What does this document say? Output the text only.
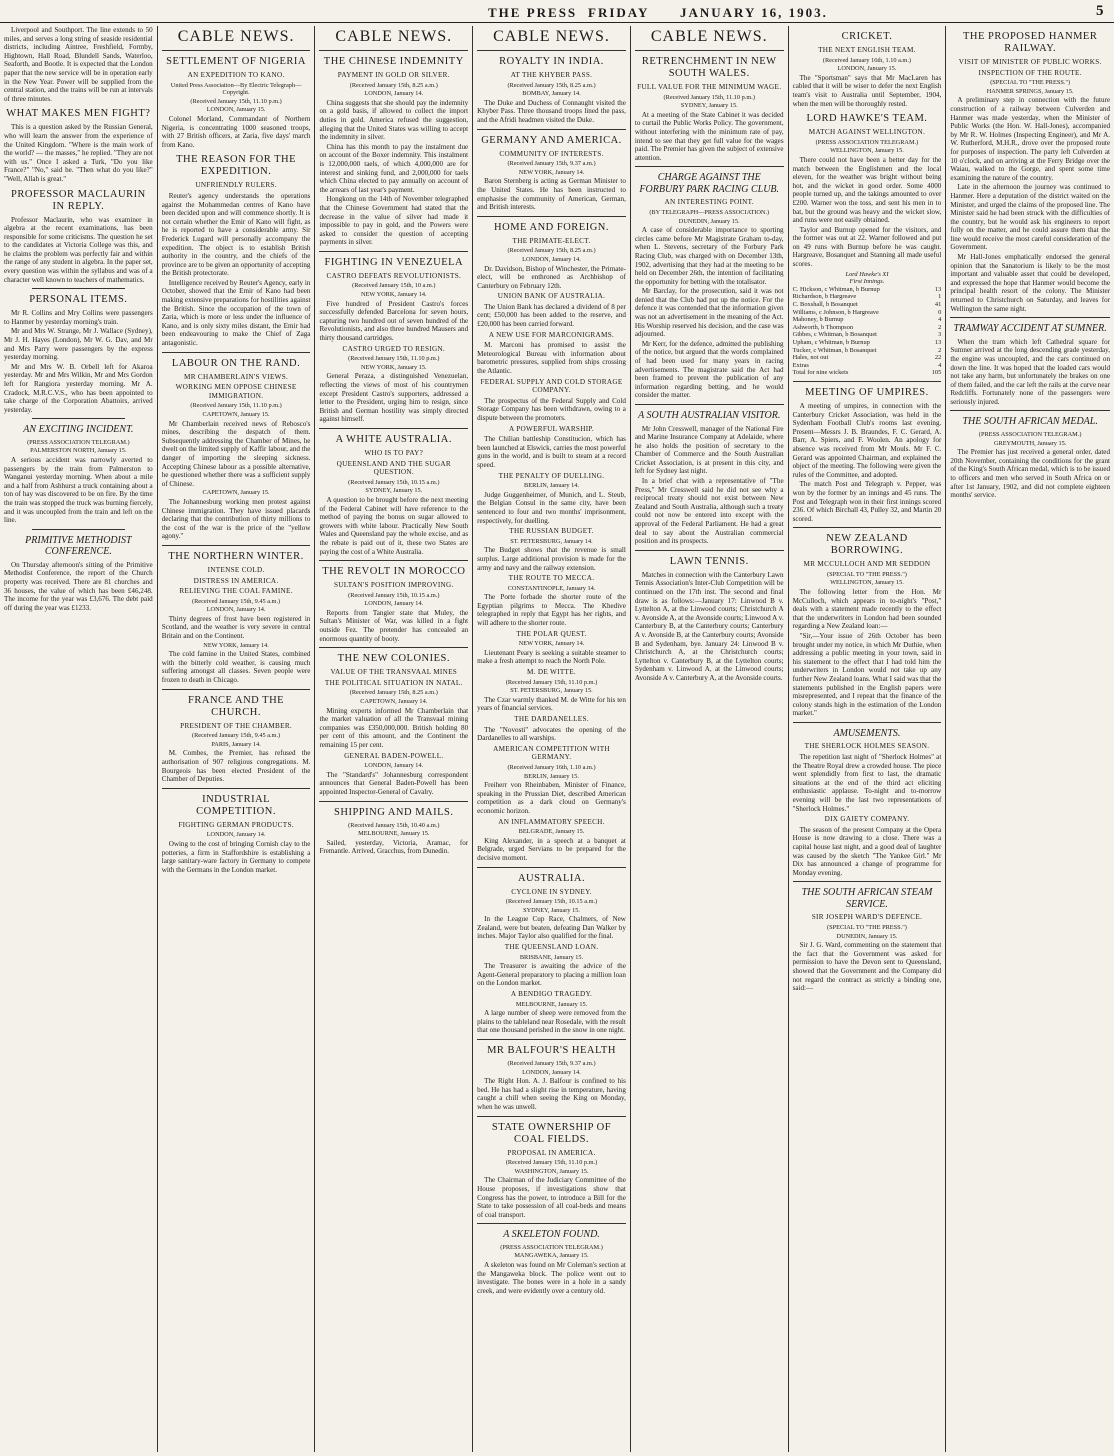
THE PRESS FRIDAY JANUARY 16, 1903.	5

Liverpool and Southport. The line extends to 50 miles, and serves a long string of seaside residential districts, including Aintree, Freshfield, Formby, Hightown, Hall Road, Blundell Sands, Waterloo, Seaforth, and Bootle. It is expected that the London paper that the new service will be in operation early in the New Year. Power will be supplied from the central station, and the trains will be run at intervals of three minutes.

WHAT MAKES MEN FIGHT?

This is a question asked by the Russian General, who will learn the answer from the experience of the United Kingdom. "Where is the main work of the world? — the masses," he replied. "They are not with us." Once I asked a Turk, "Do you like France?" "No," said he. "Then what do you like?" "Well, Allah is great."

PROFESSOR MACLAURIN IN REPLY.

Professor Maclaurin, who was examiner in algebra at the recent examinations, has been responsible for some criticisms. The question he set to the candidates at Victoria College was this, and he claims the problem was perfectly fair and within the range of any student in algebra. In the paper set, every question was within the syllabus and was of a character well known to teachers of mathematics.

PERSONAL ITEMS.

Mr R. Collins and Mry Collins were passengers to Hanmer by yesterday morning's train.

Mr and Mrs W. Strange, Mr J. Wallace (Sydney), Mr J. H. Hayes (London), Mr W. G. Dav, and Mr and Mrs Parry were passengers by the express yesterday morning.

Mr and Mrs W. B. Orbell left for Akaroa yesterday. Mr and Mrs Wilkin, Mr and Mrs Gordon left for Rangiora yesterday morning. Mr A. Cradock, M.R.C.V.S., who has been appointed to take charge of the Corporation Abattoirs, arrived yesterday.

AN EXCITING INCIDENT.

(PRESS ASSOCIATION TELEGRAM.)

PALMERSTON NORTH, January 15.

A serious accident was narrowly averted to passengers by the train from Palmerston to Wanganui yesterday morning. When about a mile and a half from Ashhurst a truck containing about a ton of hay was discovered to be on fire. By the time the train was stopped the truck was burning fiercely, and it was uncoupled from the train and left on the line.

PRIMITIVE METHODIST CONFERENCE.

On Thursday afternoon's sitting of the Primitive Methodist Conference, the report of the Church property was received. There are 81 churches and 36 houses, the value of which has been £46,248. The income for the year was £3,676. The debt paid off during the year was £1233.

CABLE NEWS.
SETTLEMENT OF NIGERIA
AN EXPEDITION TO KANO.

United Press Association—By Electric Telegraph—Copyright.

(Received January 15th, 11.10 p.m.)

LONDON, January 15.

Colonel Morland, Commandant of Northern Nigeria, is concentrating 1000 seasoned troops, with 27 British officers, at Zaria, five days' march from Kano.

THE REASON FOR THE EXPEDITION.
UNFRIENDLY RULERS.

Reuter's agency understands the operations against the Mohammedan centres of Kano have been decided upon and will commence shortly. It is not certain whether the Emir of Kano will fight, as he is reported to have a considerable army. Sir Frederick Lugard will personally accompany the expedition. The object is to establish British authority in the country, and the chiefs of the province are to be given an opportunity of accepting the British protectorate.

Intelligence received by Reuter's Agency, early in October, showed that the Emir of Kano had been making extensive preparations for hostilities against the British. Since the occupation of the town of Zaria, which is more or less under the influence of Kano, and is only sixty miles distant, the Emir had been endeavouring to make the Chief of Zaga antagonistic.

LABOUR ON THE RAND.
MR CHAMBERLAIN'S VIEWS.
WORKING MEN OPPOSE CHINESE IMMIGRATION.

(Received January 15th, 11.10 p.m.)

CAPETOWN, January 15.

Mr Chamberlain received news of Rebosco's mines, describing the despatch of them. Subsequently addressing the Chamber of Mines, he dwelt on the limited supply of Kaffir labour, and the danger of importing the sleeping sickness. Accepting Chinese labour as a possible alternative, he questioned whether there was a sufficient supply of Chinese.

CAPETOWN, January 15.

The Johannesburg working men protest against Chinese immigration. They have issued placards declaring that the contribution of thirty millions to the cost of the war is the price of the "yellow agony."

THE NORTHERN WINTER.
INTENSE COLD.
DISTRESS IN AMERICA.
RELIEVING THE COAL FAMINE.

(Received January 15th, 9.45 a.m.)

LONDON, January 14.

Thirty degrees of frost have been registered in Scotland, and the weather is very severe in central Britain and on the Continent.

NEW YORK, January 14.

The cold famine in the United States, combined with the bitterly cold weather, is causing much suffering amongst all classes. Seven people were frozen to death in Chicago.

FRANCE AND THE CHURCH.
PRESIDENT OF THE CHAMBER.

(Received January 15th, 9.45 a.m.)

PARIS, January 14.

M. Combes, the Premier, has refused the authorisation of 907 religious congregations. M. Bourgeois has been elected President of the Chamber of Deputies.

INDUSTRIAL COMPETITION.
FIGHTING GERMAN PRODUCTS.

LONDON, January 14.

Owing to the cost of bringing Cornish clay to the potteries, a firm in Staffordshire is establishing a large sanitary-ware factory in Germany to compete with the Germans in the London market.

CABLE NEWS.
THE CHINESE INDEMNITY
PAYMENT IN GOLD OR SILVER.

(Received January 15th, 8.25 a.m.)

LONDON, January 14.

China suggests that she should pay the indemnity on a gold basis, if allowed to collect the import duties in gold. America refused the suggestion, alleging that the United States was willing to accept the indemnity in silver.

China has this month to pay the instalment due on account of the Boxer indemnity. This instalment is 12,000,000 taels, of which 4,000,000 are for interest and sinking fund, and 2,000,000 for taels which China elected to pay annually on account of the arrears of last year's payment.

Hongkong on the 14th of November telegraphed that the Chinese Government had stated that the decrease in the value of silver had made it impossible to pay in gold, and the Powers were asked to consider the question of accepting payments in silver.

FIGHTING IN VENEZUELA
CASTRO DEFEATS REVOLUTIONISTS.

(Received January 15th, 10 a.m.)

NEW YORK, January 14.

Five hundred of President Castro's forces successfully defended Barcelona for seven hours, capturing two hundred out of seven hundred of the Revolutionists, and also three hundred Mausers and thirty thousand cartridges.

CASTRO URGED TO RESIGN.

(Received January 15th, 11.10 p.m.)

NEW YORK, January 15.

General Peraza, a distinguished Venezuelan, reflecting the views of most of his countrymen except President Castro's supporters, addressed a letter to the President, urging him to resign, since British and German hostility was simply directed against himself.

A WHITE AUSTRALIA.
WHO IS TO PAY?
QUEENSLAND AND THE SUGAR QUESTION.

(Received January 15th, 10.15 a.m.)

SYDNEY, January 15.

A question to be brought before the next meeting of the Federal Cabinet will have reference to the method of paying the bonus on sugar allowed to growers with white labour. Practically New South Wales and Queensland pay the whole excise, and as the rebate is paid out of it, these two States are paying the cost of a White Australia.

THE REVOLT IN MOROCCO
SULTAN'S POSITION IMPROVING.

(Received January 15th, 10.15 a.m.)

LONDON, January 14.

Reports from Tangier state that Muley, the Sultan's Minister of War, was killed in a fight outside Fez. The pretender has concealed an enormous quantity of booty.

THE NEW COLONIES.
VALUE OF THE TRANSVAAL MINES
THE POLITICAL SITUATION IN NATAL.

(Received January 15th, 8.25 a.m.)

CAPETOWN, January 14.

Mining experts informed Mr Chamberlain that the market valuation of all the Transvaal mining companies was £350,000,000. British holding 80 per cent of this amount, and the Continent the remaining 15 per cent.

GENERAL BADEN-POWELL.

LONDON, January 14.

The "Standard's" Johannesburg correspondent announces that General Baden-Powell has been appointed Inspector-General of Cavalry.

SHIPPING AND MAILS.

(Received January 15th, 10.40 a.m.)

MELBOURNE, January 15.

Sailed, yesterday, Victoria, Aramac, for Fremantle. Arrived, Gracchus, from Dunedin.

CABLE NEWS.
ROYALTY IN INDIA.
AT THE KHYBER PASS.

(Received January 15th, 8.25 a.m.)

BOMBAY, January 14.

The Duke and Duchess of Connaught visited the Khyber Pass. Three thousand troops lined the pass, and the Afridi headmen visited the Duke.

GERMANY AND AMERICA.
COMMUNITY OF INTERESTS.

(Received January 15th, 9.37 a.m.)

NEW YORK, January 14.

Baron Sternberg is acting as German Minister to the United States. He has been instructed to emphasise the community of American, German, and British interests.

HOME AND FOREIGN.
THE PRIMATE-ELECT.

(Received January 15th, 8.25 a.m.)

LONDON, January 14.

Dr. Davidson, Bishop of Winchester, the Primate-elect, will be enthroned as Archbishop of Canterbury on February 12th.

UNION BANK OF AUSTRALIA.

The Union Bank has declared a dividend of 8 per cent; £50,000 has been added to the reserve, and £20,000 has been carried forward.

A NEW USE FOR MARCONIGRAMS.

M. Marconi has promised to assist the Meteorological Bureau with information about barometric pressures, supplied from ships crossing the Atlantic.

FEDERAL SUPPLY AND COLD STORAGE COMPANY.

The prospectus of the Federal Supply and Cold Storage Company has been withdrawn, owing to a dispute between the promoters.

A POWERFUL WARSHIP.

The Chilian battleship Constitucion, which has been launched at Elswick, carries the most powerful guns in the world, and is built to steam at a record speed.

THE PENALTY OF DUELLING.

BERLIN, January 14.

Judge Guggenheimer, of Munich, and L. Steub, the Belgian Consul in the same city, have been sentenced to four and two months' imprisonment, respectively, for duelling.

THE RUSSIAN BUDGET.

ST. PETERSBURG, January 14.

The Budget shows that the revenue is small surplus. Large additional provision is made for the army and navy and the railway extension.

THE ROUTE TO MECCA.

CONSTANTINOPLE, January 14.

The Porte forbade the shorter route of the Egyptian pilgrims to Mecca. The Khedive telegraphed in reply that Egypt has her rights, and will adhere to the shorter route.

THE POLAR QUEST.

NEW YORK, January 14.

Lieutenant Peary is seeking a suitable steamer to make a fresh attempt to reach the North Pole.

M. DE WITTE.

(Received January 15th, 11.10 p.m.)

ST. PETERSBURG, January 15.

The Czar warmly thanked M. de Witte for his ten years of financial services.

THE DARDANELLES.

The "Novosti" advocates the opening of the Dardanelles to all warships.

AMERICAN COMPETITION WITH GERMANY.

(Received January 16th, 1.10 a.m.)

BERLIN, January 15.

Freiherr von Rheinbaben, Minister of Finance, speaking in the Prussian Diet, described American competition as a dark cloud on Germany's economic horizon.

AN INFLAMMATORY SPEECH.

BELGRADE, January 15.

King Alexander, in a speech at a banquet at Belgrade, urged Servians to be prepared for the decisive moment.

AUSTRALIA.
CYCLONE IN SYDNEY.

(Received January 15th, 10.15 a.m.)

SYDNEY, January 15.

In the League Cup Race, Chalmers, of New Zealand, were but beaten, defeating Dan Walker by inches. Major Taylor also qualified for the final.

THE QUEENSLAND LOAN.

BRISBANE, January 15.

The Treasurer is awaiting the advice of the Agent-General preparatory to placing a million loan on the London market.

A BENDIGO TRAGEDY.

MELBOURNE, January 15.

A large number of sheep were removed from the plains to the tableland near Rosedale, with the result that one thousand perished in the snow in one night.

MR BALFOUR'S HEALTH

(Received January 15th, 9.37 a.m.)

LONDON, January 14.

The Right Hon. A. J. Balfour is confined to his bed. He has had a slight rise in temperature, having caught a chill when seeing the King on Monday, when he was unwell.

STATE OWNERSHIP OF COAL FIELDS.
PROPOSAL IN AMERICA.

(Received January 15th, 11.10 p.m.)

WASHINGTON, January 15.

The Chairman of the Judiciary Committee of the House proposes, if investigations show that Congress has the power, to introduce a Bill for the State to take possession of all coal-beds and means of coal transport.

A SKELETON FOUND.

(PRESS ASSOCIATION TELEGRAM.)

MANGAWEKA, January 15.

A skeleton was found on Mr Coleman's section at the Mangaweka block. The police went out to investigate. The bones were in a hole in a sandy creek, and were evidently over a century old.

CABLE NEWS.
RETRENCHMENT IN NEW SOUTH WALES.
FULL VALUE FOR THE MINIMUM WAGE.

(Received January 15th, 11.10 p.m.)

SYDNEY, January 15.

At a meeting of the State Cabinet it was decided to curtail the Public Works Policy. The government, without interfering with the minimum rate of pay, intend to see that they get full value for the wages paid. The Premier has given the subject of extensive attention.

CHARGE AGAINST THE FORBURY PARK RACING CLUB.
AN INTERESTING POINT.

(BY TELEGRAPH—PRESS ASSOCIATION.)

DUNEDIN, January 15.

A case of considerable importance to sporting circles came before Mr Magistrate Graham to-day, when L. Stevens, secretary of the Forbury Park Racing Club, was charged with on December 13th, 1902, advertising that they had at the meeting to be held on December 26th, the intention of facilitating the opportunity for betting with the totalisator.

Mr Barclay, for the prosecution, said it was not denied that the Club had put up the notice. For the defence it was contended that the information given was not an advertisement in the meaning of the Act. His Worship reserved his decision, and the case was adjourned.

Mr Kerr, for the defence, admitted the publishing of the notice, but argued that the words complained of had been used for many years in racing advertisements. The magistrate said the Act had been framed to prevent the publication of any information regarding betting, and he would consider the matter.

A SOUTH AUSTRALIAN VISITOR.

Mr John Cresswell, manager of the National Fire and Marine Insurance Company at Adelaide, where he also holds the position of secretary to the Chamber of Commerce and the South Australian Cricket Association, is at present in this city, and left for Sydney last night.

In a brief chat with a representative of "The Press," Mr Cresswell said he did not see why a reciprocal treaty should not exist between New Zealand and South Australia, although such a treaty could not now be entered into except with the approval of the Federal Parliament. He had a great deal to say about the Australian commercial position and its prospects.

LAWN TENNIS.

Matches in connection with the Canterbury Lawn Tennis Association's Inter-Club Competition will be continued on the 17th inst. The second and final draw is as follows:—January 17: Linwood B v. Lyttelton A, at the Linwood courts; Christchurch A v. Avonside A, at the Avonside courts; Linwood A v. Canterbury B, at the Canterbury courts; Canterbury A v. Avonside B, at the Canterbury courts; Avonside B and Sydenham, bye. January 24: Linwood B v. Christchurch A, at the Christchurch courts; Lyttelton v. Canterbury B, at the Lyttelton courts; Sydenham v. Linwood A, at the Linwood courts; Avonside A v. Canterbury A, at the Avonside courts.

CRICKET.
THE NEXT ENGLISH TEAM.

(Received January 16th, 1.10 a.m.)

LONDON, January 15.

The "Sportsman" says that Mr MacLaren has cabled that it will be wiser to defer the next English team's visit to Australia until September, 1904, when the men will be thoroughly rested.

LORD HAWKE'S TEAM.
MATCH AGAINST WELLINGTON.

(PRESS ASSOCIATION TELEGRAM.)

WELLINGTON, January 15.

There could not have been a better day for the match between the Englishmen and the local eleven, for the weather was bright without being hot, and the wicket in good order. Some 4000 people turned up, and the takings amounted to over £200. Warner won the toss, and sent his men in to bat, but the ground was heavy and the wicket slow, and runs were not easily obtained.

Taylor and Burnup opened for the visitors, and the former was out at 22. Warner followed and put on 49 runs with Burnup before he was caught. Hargreave, Bosanquet and Stanning all made useful scores.

Lord Hawke's XI
First Innings.
C. Hickson, c Whitman, b Burnup	13
Richardson, b Hargreave	1
C. Boxshall, b Bosanquet	41
Williams, c Johnson, b Hargreave	0
Mahoney, b Burnup	4
Ashworth, b Thompson	2
Gibbes, c Whitman, b Bosanquet	3
Upham, c Whitman, b Burnup	13
Tucker, c Whitman, b Bosanquet	2
Hales, not out	22
Extras	4
Total for nine wickets	105
MEETING OF UMPIRES.

A meeting of umpires, in connection with the Canterbury Cricket Association, was held in the Sydenham Football Club's rooms last evening. Present—Messrs J. B. Braundes, F. C. Gerard, A. Barr, A. Spiers, and F. Woolen. An apology for absence was received from Mr Mouls. Mr F. C. Gerard was appointed Chairman, and explained the object of the meeting. The following were given the rules of the Committee, and adopted.

The match Post and Telegraph v. Pepper, was won by the former by an innings and 45 runs. The Post and Telegraph won in their first innings scored 236. Of which Birchall 43, Pulley 32, and Martin 20 scored.

NEW ZEALAND BORROWING.
MR MCCULLOCH AND MR SEDDON

(SPECIAL TO "THE PRESS.")

WELLINGTON, January 15.

The following letter from the Hon. Mr McCulloch, which appears in to-night's "Post," deals with a statement made recently to the effect that the underwriters in London had been sounded regarding a New Zealand loan:—

"Sir,—Your issue of 26th October has been brought under my notice, in which Mr Duthie, when addressing a public meeting in your town, said in his statement to the effect that I had told him the underwriters in London would not take up any further New Zealand loans. What I said was that the statements published in the English papers were misrepresented, and I repeat that the finance of the colony stands high in the estimation of the London market."

AMUSEMENTS.
THE SHERLOCK HOLMES SEASON.

The repetition last night of "Sherlock Holmes" at the Theatre Royal drew a crowded house. The piece went splendidly from first to last, the dramatic situations at the end of the third act eliciting enthusiastic applause. To-night and to-morrow evening will be the last two representations of "Sherlock Holmes."

DIX GAIETY COMPANY.

The season of the present Company at the Opera House is now drawing to a close. There was a capital house last night, and a good deal of laughter was caused by the sketch "The Yankee Girl." Mr Dix has announced a change of programme for Monday evening.

THE SOUTH AFRICAN STEAM SERVICE.
SIR JOSEPH WARD'S DEFENCE.

(SPECIAL TO "THE PRESS.")

DUNEDIN, January 15.

Sir J. G. Ward, commenting on the statement that the fact that the Government was asked for permission to have the Devon sent to Queensland, showed that the Government and the Company did not regard the contract as strictly a binding one, said:—

THE PROPOSED HANMER RAILWAY.
VISIT OF MINISTER OF PUBLIC WORKS.
INSPECTION OF THE ROUTE.

(SPECIAL TO "THE PRESS.")

HANMER SPRINGS, January 15.

A preliminary step in connection with the future construction of a railway between Culverden and Hanmer was made yesterday, when the Minister of Public Works (the Hon. W. Hall-Jones), accompanied by Mr R. W. Holmes (Inspecting Engineer), and Mr A. W. Rutherford, M.H.R., drove over the proposed route for purposes of inspection. The party left Culverden at 10 o'clock, and on arriving at the Ferry Bridge over the Waiau, walked to the Gorge, and spent some time examining the nature of the country.

Late in the afternoon the journey was continued to Hanmer. Here a deputation of the district waited on the Minister, and urged the claims of the proposed line. The Minister said he had been struck with the difficulties of the country, but he would ask his engineers to report fully on the matter, and he could assure them that the line would receive the most careful consideration of the Government.

Mr Hall-Jones emphatically endorsed the general opinion that the Sanatorium is likely to be the most important and valuable asset that could be developed, and expressed the hope that Hanmer would become the principal health resort of the colony. The Minister returned to Christchurch on Saturday, and leaves for Wellington the same night.

TRAMWAY ACCIDENT AT SUMNER.

When the tram which left Cathedral square for Sumner arrived at the long descending grade yesterday, the engine was uncoupled, and the cars continued on down the line. It was hoped that the loaded cars would not take any harm, but unfortunately the brakes on one of them failed, and the car left the rails at the curve near Redcliffs. Fortunately none of the passengers were seriously injured.

THE SOUTH AFRICAN MEDAL.

(PRESS ASSOCIATION TELEGRAM.)

GREYMOUTH, January 15.

The Premier has just received a general order, dated 20th November, containing the conditions for the grant of the King's South African medal, which is to be issued to officers and men who served in South Africa on or after 1st January, 1902, and did not complete eighteen months' service.
